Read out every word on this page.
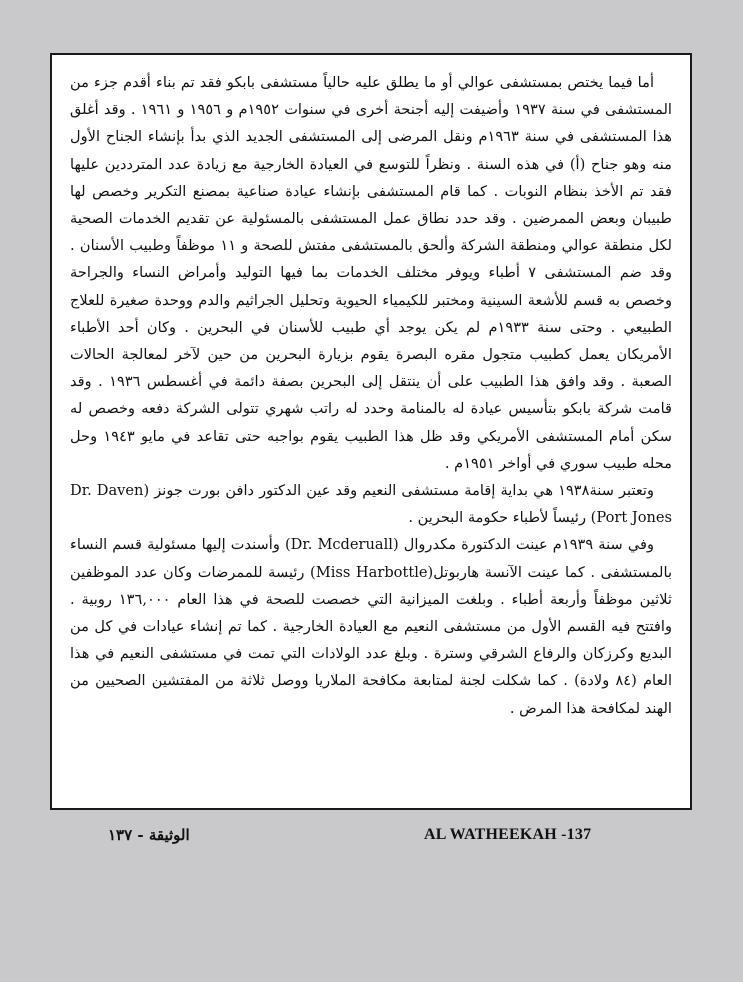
أما فيما يختص بمستشفى عوالي أو ما يطلق عليه حالياً مستشفى بابكو فقد تم بناء أقدم جزء من المستشفى في سنة ١٩٣٧ وأضيفت إليه أجنحة أخرى في سنوات ١٩٥٢م و ١٩٥٦ و ١٩٦١ . وقد أغلق هذا المستشفى في سنة ١٩٦٣م ونقل المرضى إلى المستشفى الجديد الذي بدأ بإنشاء الجناح الأول منه وهو جناح (أ) في هذه السنة . ونظراً للتوسع في العيادة الخارجية مع زيادة عدد المترددين عليها فقد تم الأخذ بنظام النوبات . كما قام المستشفى بإنشاء عيادة صناعية بمصنع التكرير وخصص لها طبيبان وبعض الممرضين . وقد حدد نطاق عمل المستشفى بالمسئولية عن تقديم الخدمات الصحية لكل منطقة عوالي ومنطقة الشركة وألحق بالمستشفى مفتش للصحة و ١١ موظفاً وطبيب الأسنان . وقد ضم المستشفى ٧ أطباء ويوفر مختلف الخدمات بما فيها التوليد وأمراض النساء والجراحة وخصص به قسم للأشعة السينية ومختبر للكيمياء الحيوية وتحليل الجراثيم والدم ووحدة صغيرة للعلاج الطبيعي . وحتى سنة ١٩٣٣م لم يكن يوجد أي طبيب للأسنان في البحرين . وكان أحد الأطباء الأمريكان يعمل كطبيب متجول مقره البصرة يقوم بزيارة البحرين من حين لآخر لمعالجة الحالات الصعبة . وقد وافق هذا الطبيب على أن ينتقل إلى البحرين بصفة دائمة في أغسطس ١٩٣٦ . وقد قامت شركة بابكو بتأسيس عيادة له بالمنامة وحدد له راتب شهري تتولى الشركة دفعه وخصص له سكن أمام المستشفى الأمريكي وقد ظل هذا الطبيب يقوم بواجبه حتى تقاعد في مايو ١٩٤٣ وحل محله طبيب سوري في أواخر ١٩٥١م .

وتعتبر سنة١٩٣٨ هي بداية إقامة مستشفى النعيم وقد عين الدكتور دافن بورت جونز (Dr. Daven Port Jones) رئيساً لأطباء حكومة البحرين .

وفي سنة ١٩٣٩م عينت الدكتورة مكدروال (Dr. Mcderuall) وأسندت إليها مسئولية قسم النساء بالمستشفى . كما عينت الآنسة هاربوتل(Miss Harbottle) رئيسة للممرضات وكان عدد الموظفين ثلاثين موظفاً وأربعة أطباء . وبلغت الميزانية التي خصصت للصحة في هذا العام ١٣٦,٠٠٠ روبية . وافتتح فيه القسم الأول من مستشفى النعيم مع العيادة الخارجية . كما تم إنشاء عيادات في كل من البديع وكرزكان والرفاع الشرقي وسترة . وبلغ عدد الولادات التي تمت في مستشفى النعيم في هذا العام (٨٤ ولادة) . كما شكلت لجنة لمتابعة مكافحة الملاريا ووصل ثلاثة من المفتشين الصحيين من الهند لمكافحة هذا المرض .

الوثيقة - ١٣٧	AL WATHEEKAH -137
